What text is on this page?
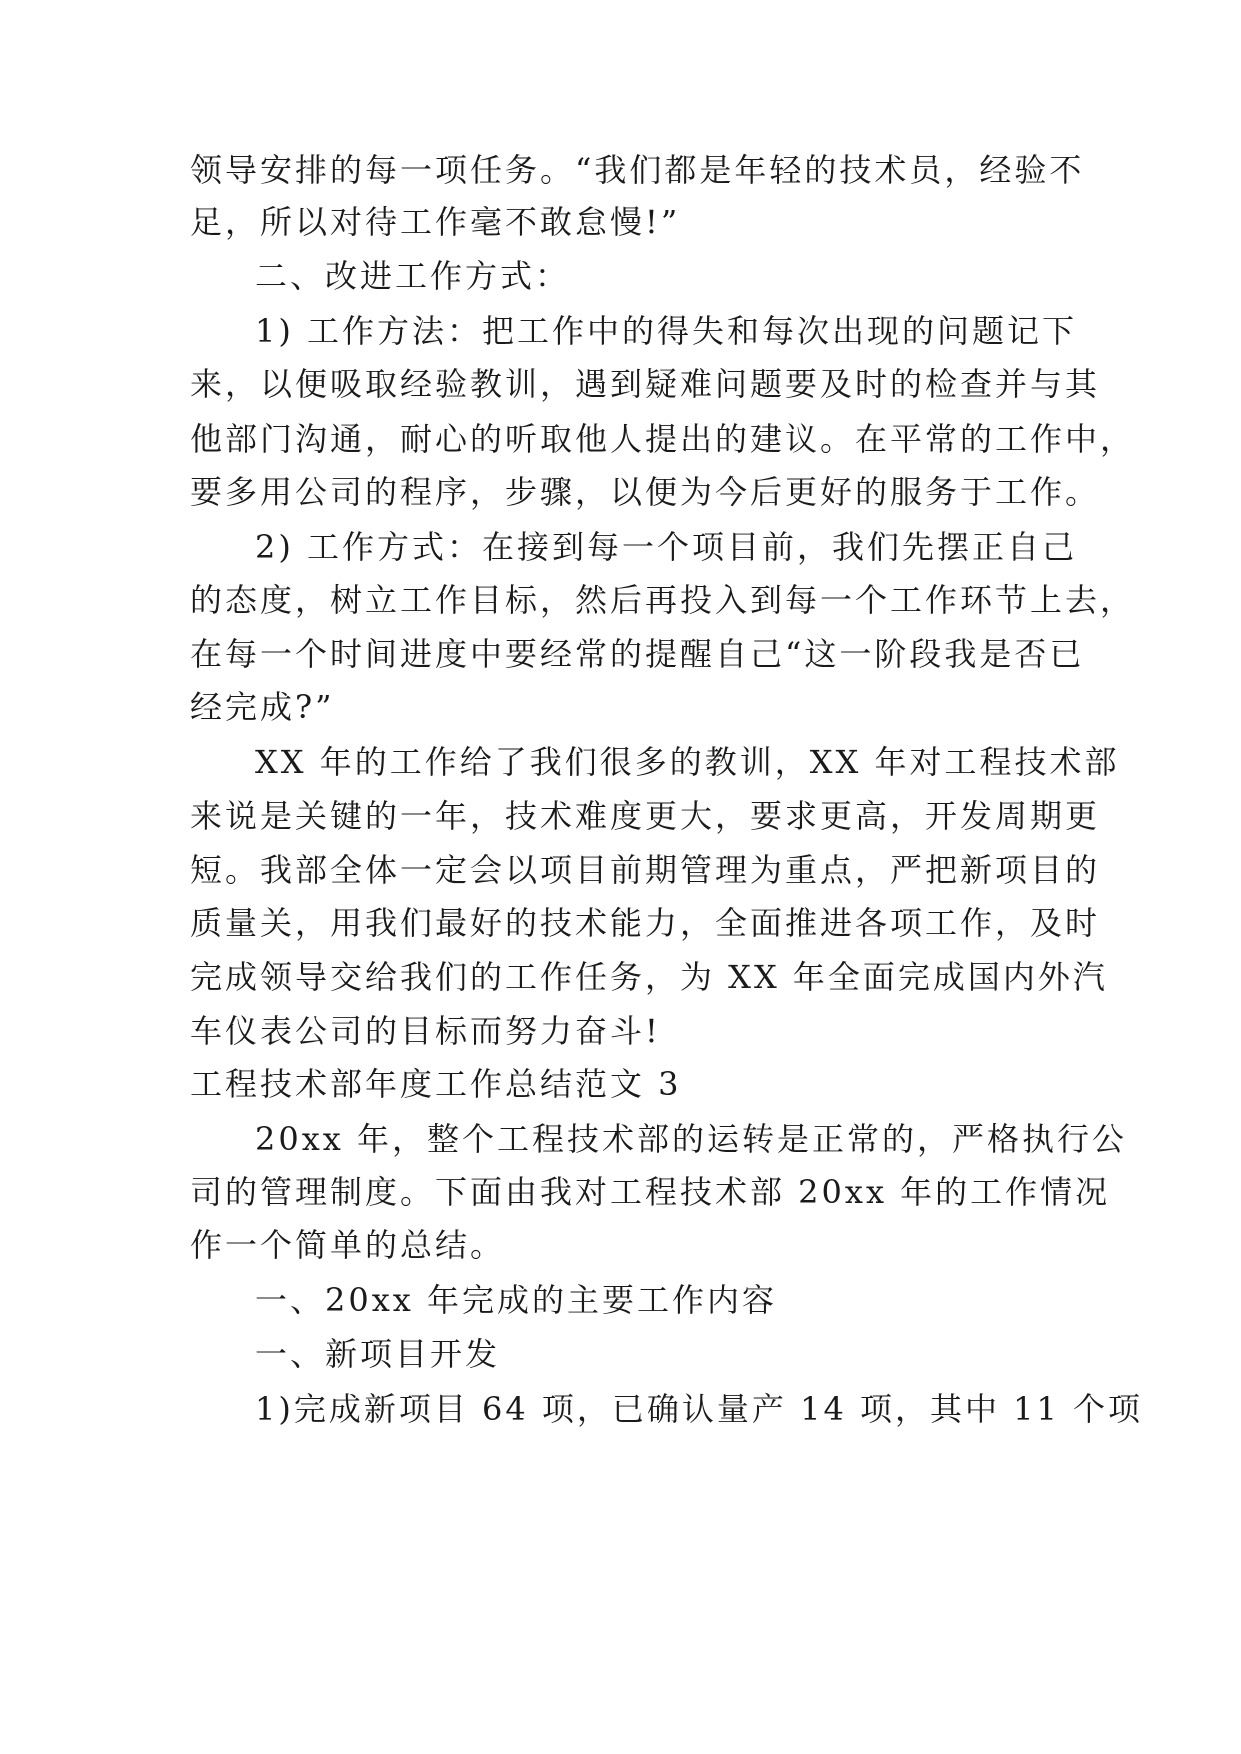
领导安排的每一项任务。“我们都是年轻的技术员，经验不
足，所以对待工作毫不敢怠慢!”
二、改进工作方式：
1) 工作方法：把工作中的得失和每次出现的问题记下
来，以便吸取经验教训，遇到疑难问题要及时的检查并与其
他部门沟通，耐心的听取他人提出的建议。在平常的工作中，
要多用公司的程序，步骤，以便为今后更好的服务于工作。
2) 工作方式：在接到每一个项目前，我们先摆正自己
的态度，树立工作目标，然后再投入到每一个工作环节上去，
在每一个时间进度中要经常的提醒自己“这一阶段我是否已
经完成?”
XX 年的工作给了我们很多的教训，XX 年对工程技术部
来说是关键的一年，技术难度更大，要求更高，开发周期更
短。我部全体一定会以项目前期管理为重点，严把新项目的
质量关，用我们最好的技术能力，全面推进各项工作，及时
完成领导交给我们的工作任务，为 XX 年全面完成国内外汽
车仪表公司的目标而努力奋斗!
工程技术部年度工作总结范文 3
20xx 年，整个工程技术部的运转是正常的，严格执行公
司的管理制度。下面由我对工程技术部 20xx 年的工作情况
作一个简单的总结。
一、20xx 年完成的主要工作内容
一、新项目开发
1)完成新项目 64 项，已确认量产 14 项，其中 11 个项
